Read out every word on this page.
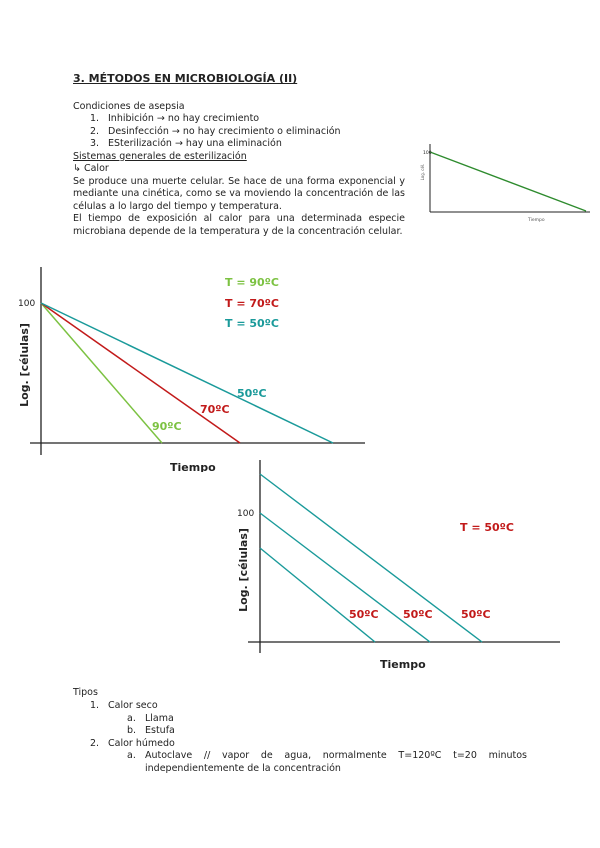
3. MÉTODOS EN MICROBIOLOGÍA (II)
Condiciones de asepsia
1. Inhibición → no hay crecimiento
2. Desinfección → no hay crecimiento o eliminación
3. ESterilización → hay una eliminación
Sistemas generales de esterilización
↳ Calor
Se produce una muerte celular. Se hace de una forma exponencial y mediante una cinética, como se va moviendo la concentración de las células a lo largo del tiempo y temperatura.
El tiempo de exposición al calor para una determinada especie microbiana depende de la temperatura y de la concentración celular.
100
Log. cél.
Tiempo
100
Log. [células]
Tiempo
90ºC
70ºC
50ºC
T = 90ºC
T = 70ºC
T = 50ºC
100
Log. [células]
Tiempo
50ºC 50ºC	50ºC
T = 50ºC
Tipos
1. Calor seco
a. Llama
b. Estufa
2. Calor húmedo
a. Autoclave // vapor de agua, normalmente T=120ºC t=20 minutos independientemente de la concentración
